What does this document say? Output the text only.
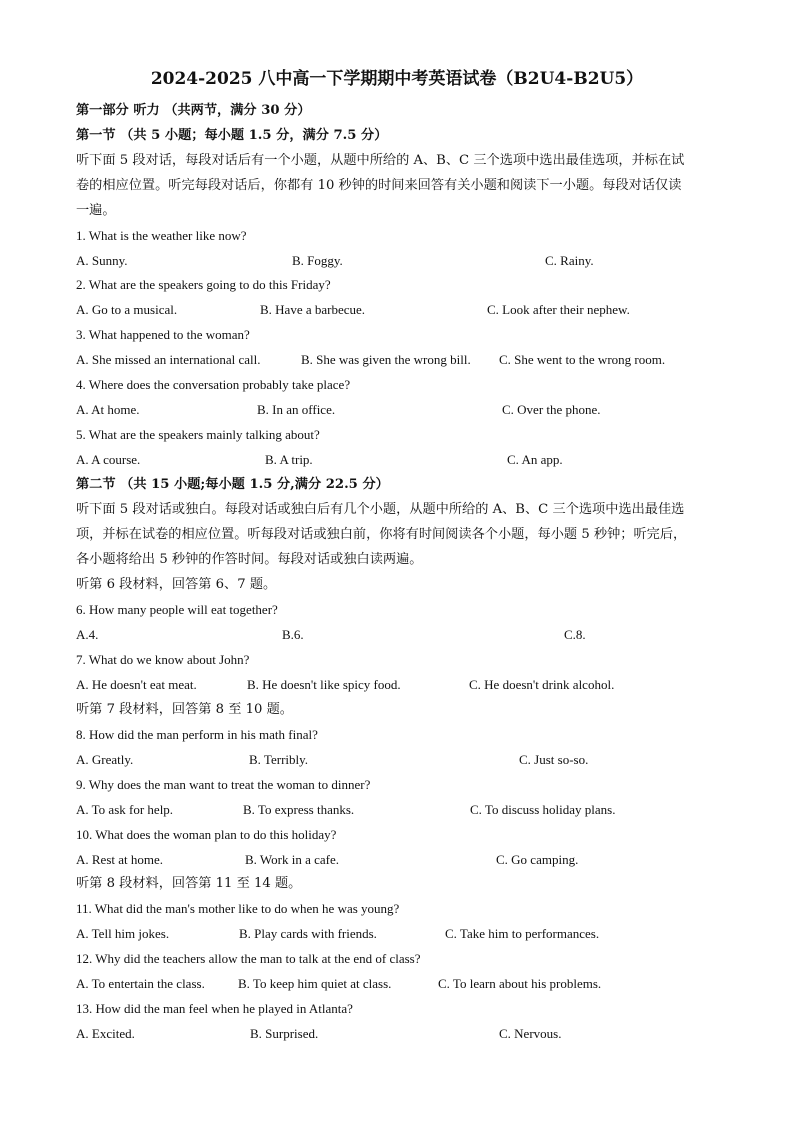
2024-2025 八中高一下学期期中考英语试卷（B2U4-B2U5）
第一部分 听力 （共两节，满分 30 分）
第一节 （共 5 小题；每小题 1.5 分，满分 7.5 分）
听下面 5 段对话，每段对话后有一个小题，从题中所给的 A、B、C 三个选项中选出最佳选项，并标在试
卷的相应位置。听完每段对话后，你都有 10 秒钟的时间来回答有关小题和阅读下一小题。每段对话仅读
一遍。
1. What is the weather like now?
A. Sunny.	B. Foggy.	C. Rainy.
2. What are the speakers going to do this Friday?
A. Go to a musical.	B. Have a barbecue.	C. Look after their nephew.
3. What happened to the woman?
A. She missed an international call.	B. She was given the wrong bill. C. She went to the wrong room.
4. Where does the conversation probably take place?
A. At home.	B. In an office.	C. Over the phone.
5. What are the speakers mainly talking about?
A. A course.	B. A trip.	C. An app.
第二节 （共 15 小题;每小题 1.5 分,满分 22.5 分）
听下面 5 段对话或独白。每段对话或独白后有几个小题，从题中所给的 A、B、C 三个选项中选出最佳选
项，并标在试卷的相应位置。听每段对话或独白前，你将有时间阅读各个小题，每小题 5 秒钟；听完后，
各小题将给出 5 秒钟的作答时间。每段对话或独白读两遍。
听第 6 段材料，回答第 6、7 题。
6. How many people will eat together?
A.4.	B.6.	C.8.
7. What do we know about John?
A. He doesn't eat meat.	B. He doesn't like spicy food.	C. He doesn't drink alcohol.
听第 7 段材料，回答第 8 至 10 题。
8. How did the man perform in his math final?
A. Greatly.	B. Terribly.	C. Just so-so.
9. Why does the man want to treat the woman to dinner?
A. To ask for help.	B. To express thanks.	C. To discuss holiday plans.
10. What does the woman plan to do this holiday?
A. Rest at home.	B. Work in a cafe.	C. Go camping.
听第 8 段材料，回答第 11 至 14 题。
11. What did the man's mother like to do when he was young?
A. Tell him jokes.	B. Play cards with friends.	C. Take him to performances.
12. Why did the teachers allow the man to talk at the end of class?
A. To entertain the class.	B. To keep him quiet at class.	C. To learn about his problems.
13. How did the man feel when he played in Atlanta?
A. Excited.	B. Surprised.	C. Nervous.
